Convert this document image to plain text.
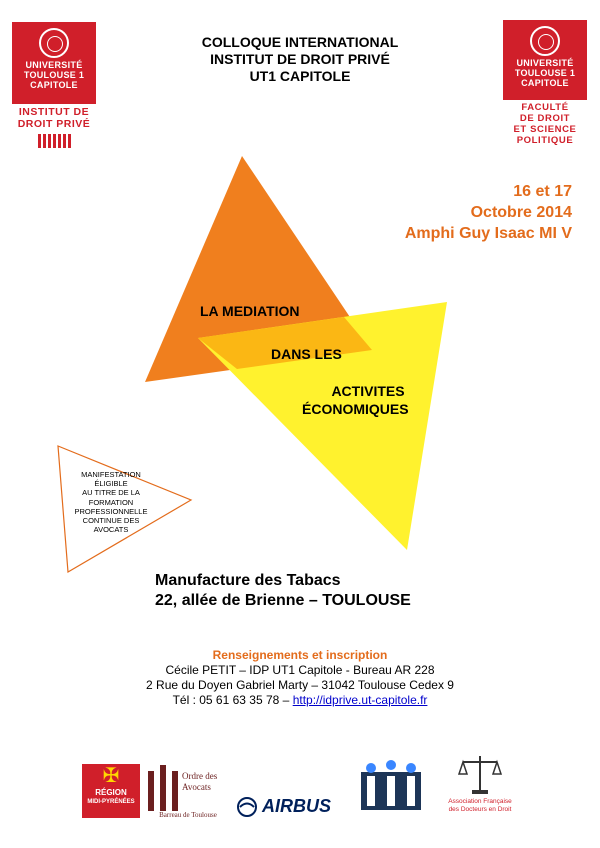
UNIVERSITÉ
TOULOUSE 1
CAPITOLE
INSTITUT DE
DROIT PRIVÉ
UNIVERSITÉ
TOULOUSE 1
CAPITOLE
FACULTÉ
DE DROIT
ET SCIENCE
POLITIQUE
COLLOQUE INTERNATIONAL
INSTITUT DE DROIT PRIVÉ
UT1 CAPITOLE
16 et 17
Octobre 2014
Amphi Guy Isaac MI V
LA MEDIATION
DANS LES
ACTIVITES
ÉCONOMIQUES
MANIFESTATION
ÉLIGIBLE
AU TITRE DE LA
FORMATION
PROFESSIONNELLE
CONTINUE DES
AVOCATS
Manufacture des Tabacs
22, allée de Brienne – TOULOUSE
Renseignements et inscription
Cécile PETIT – IDP UT1 Capitole - Bureau AR 228
2 Rue du Doyen Gabriel Marty – 31042 Toulouse Cedex 9
Tél : 05 61 63 35 78 – http://idprive.ut-capitole.fr
✠
RÉGION
MIDI-PYRÉNÉES
Ordre des
Avocats
Barreau de Toulouse	AIRBUS	Association Française
des Docteurs en Droit
